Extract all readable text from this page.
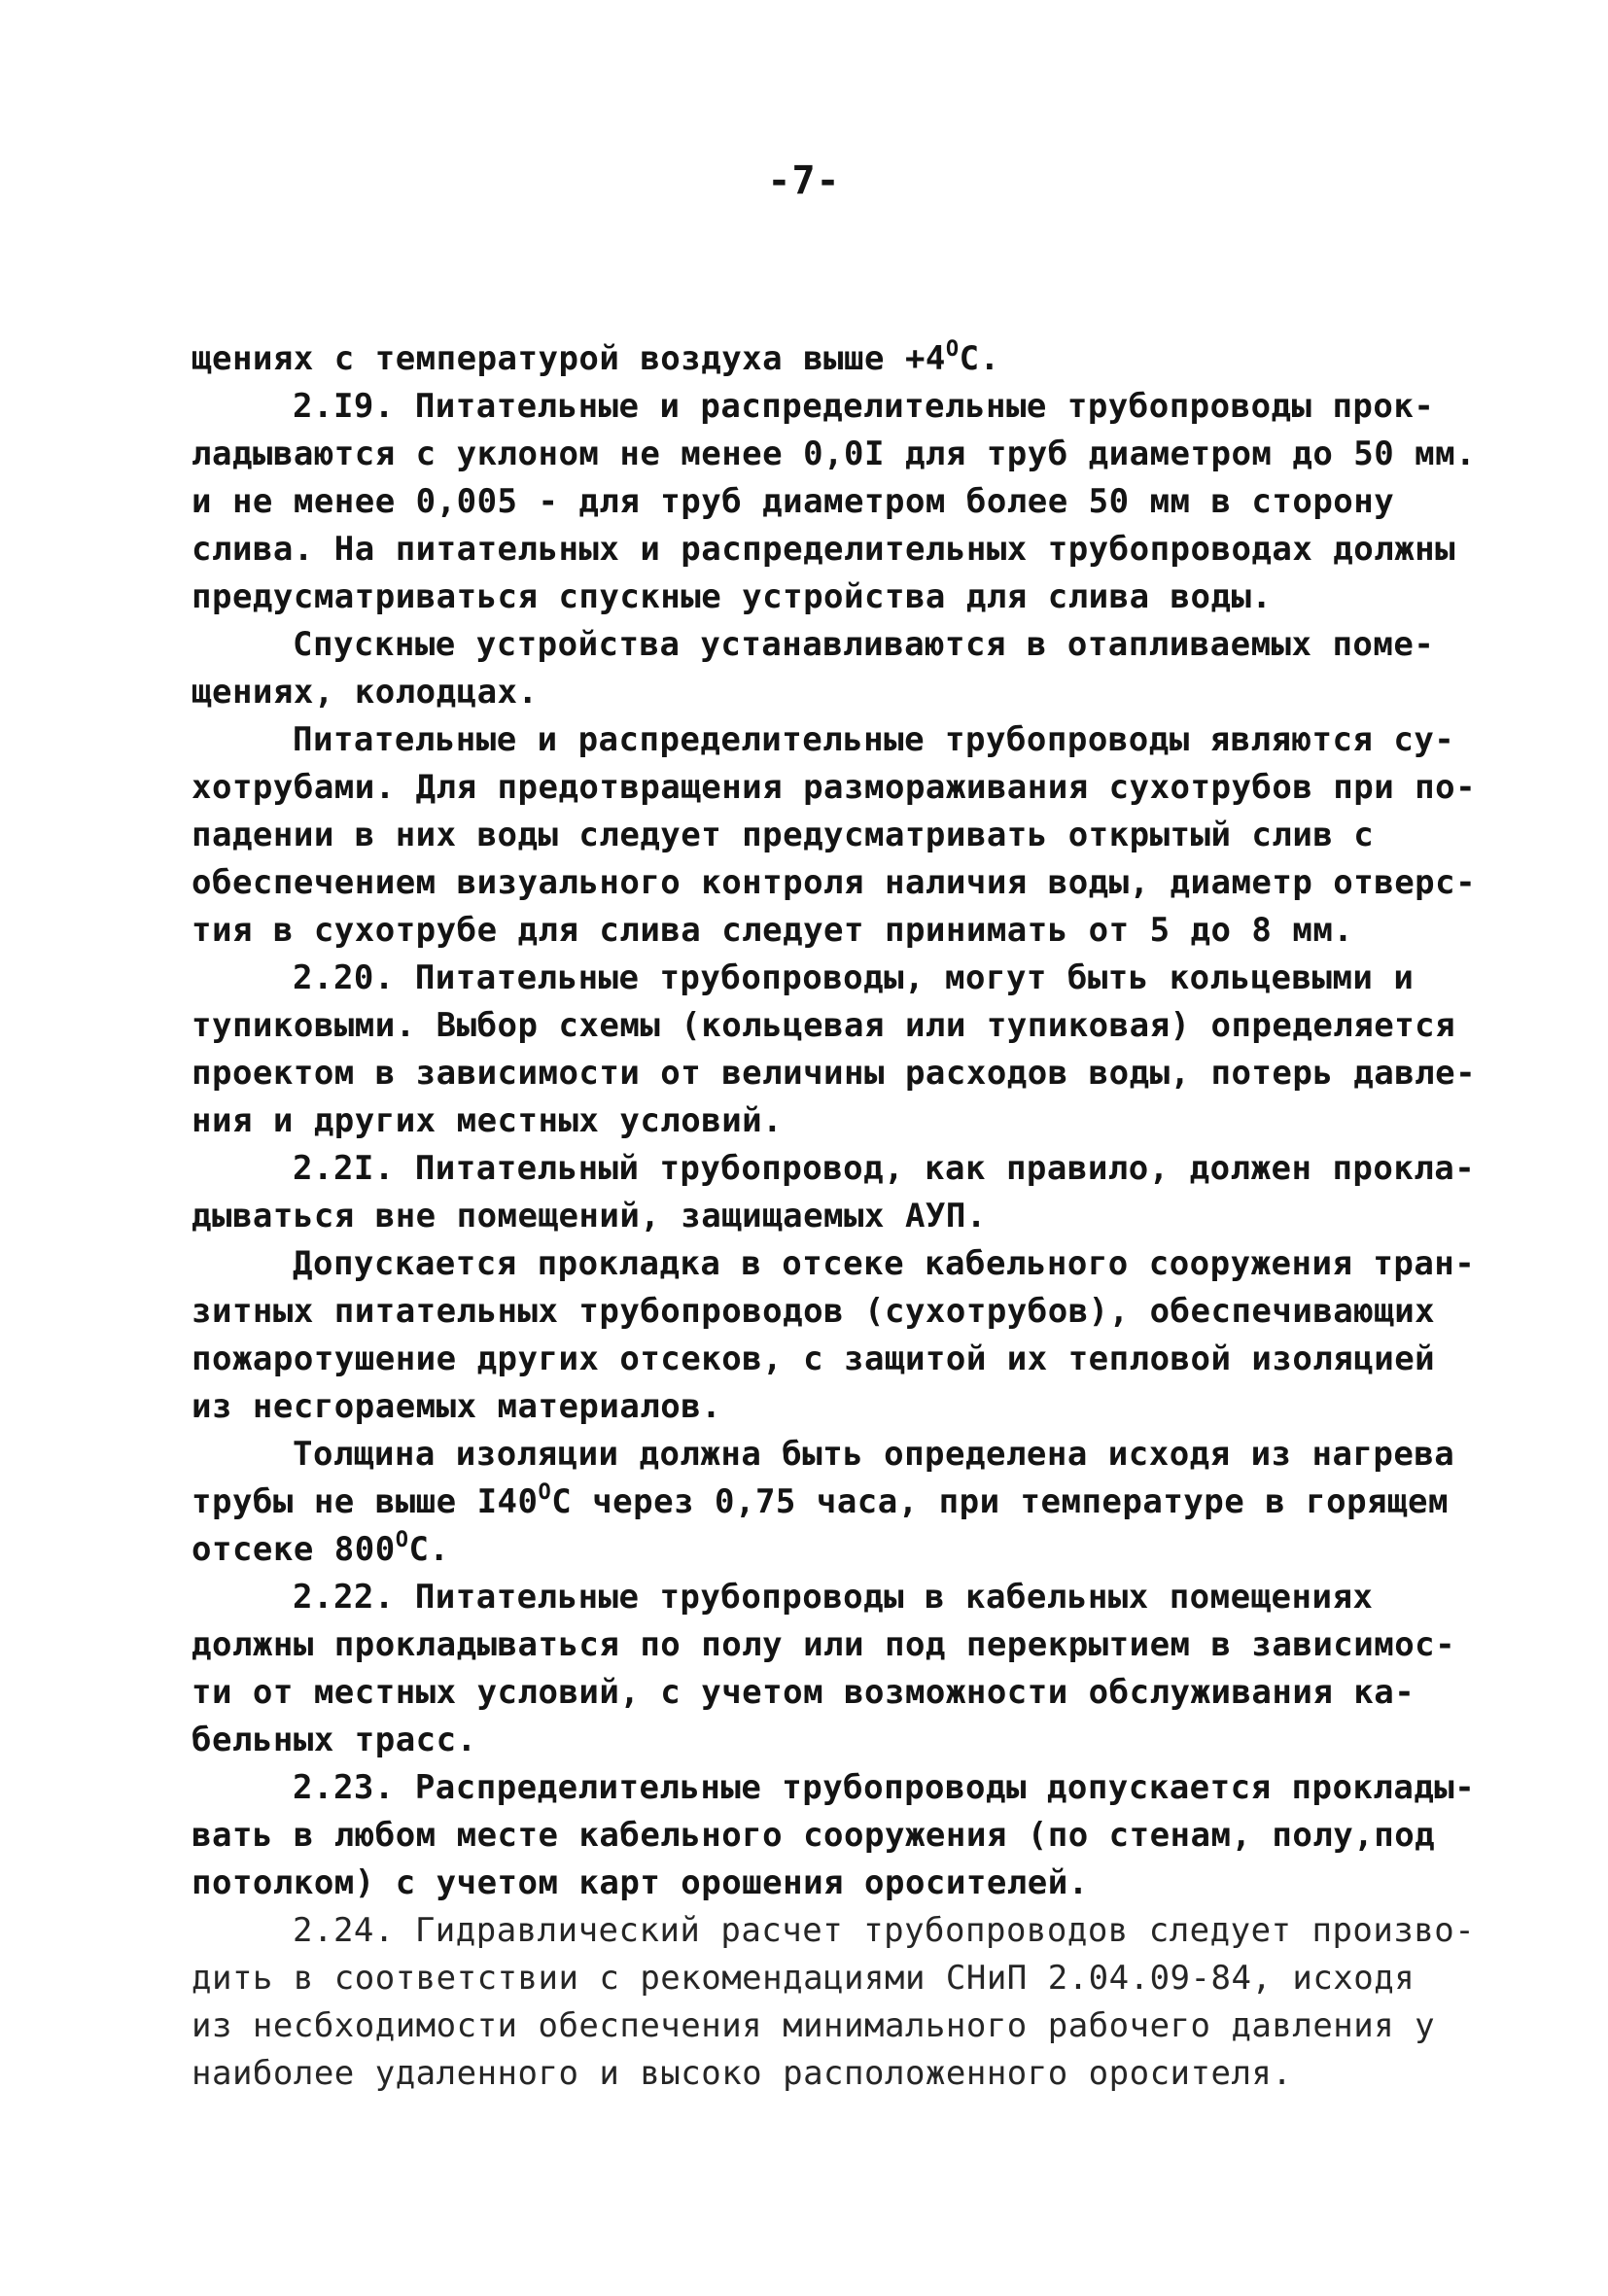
-7-
щениях с температурой воздуха выше $+4^OC$.
2.I9. Питательные и распределительные трубопроводы прок-
ладываются с уклоном не менее 0,0I для труб диаметром до 50 мм.
и не менее 0,005 - для труб диаметром более 50 мм в сторону
слива. На питательных и распределительных трубопроводах должны
предусматриваться спускные устройства для слива воды.
Спускные устройства устанавливаются в отапливаемых поме-
щениях, колодцах.
Питательные и распределительные трубопроводы являются су-
хотрубами. Для предотвращения размораживания сухотрубов при по-
падении в них воды следует предусматривать открытый слив с
обеспечением визуального контроля наличия воды, диаметр отверс-
тия в сухотрубе для слива следует принимать от 5 до 8 мм.
2.20. Питательные трубопроводы, могут быть кольцевыми и
тупиковыми. Выбор схемы (кольцевая или тупиковая) определяется
проектом в зависимости от величины расходов воды, потерь давле-
ния и других местных условий.
2.2I. Питательный трубопровод, как правило, должен прокла-
дываться вне помещений, защищаемых АУП.
Допускается прокладка в отсеке кабельного сооружения тран-
зитных питательных трубопроводов (сухотрубов), обеспечивающих
пожаротушение других отсеков, с защитой их тепловой изоляцией
из несгораемых материалов.
Толщина изоляции должна быть определена исходя из нагрева
трубы не выше $I40^OC$ через 0,75 часа, при температуре в горящем
отсеке $800^OC$.
2.22. Питательные трубопроводы в кабельных помещениях
должны прокладываться по полу или под перекрытием в зависимос-
ти от местных условий, с учетом возможности обслуживания ка-
бельных трасс.
2.23. Распределительные трубопроводы допускается проклады-
вать в любом месте кабельного сооружения (по стенам, полу,под
потолком) с учетом карт орошения оросителей.
2.24. Гидравлический расчет трубопроводов следует произво-
дить в соответствии с рекомендациями СНиП 2.04.09-84, исходя
из несбходимости обеспечения минимального рабочего давления у
наиболее удаленного и высоко расположенного оросителя.
